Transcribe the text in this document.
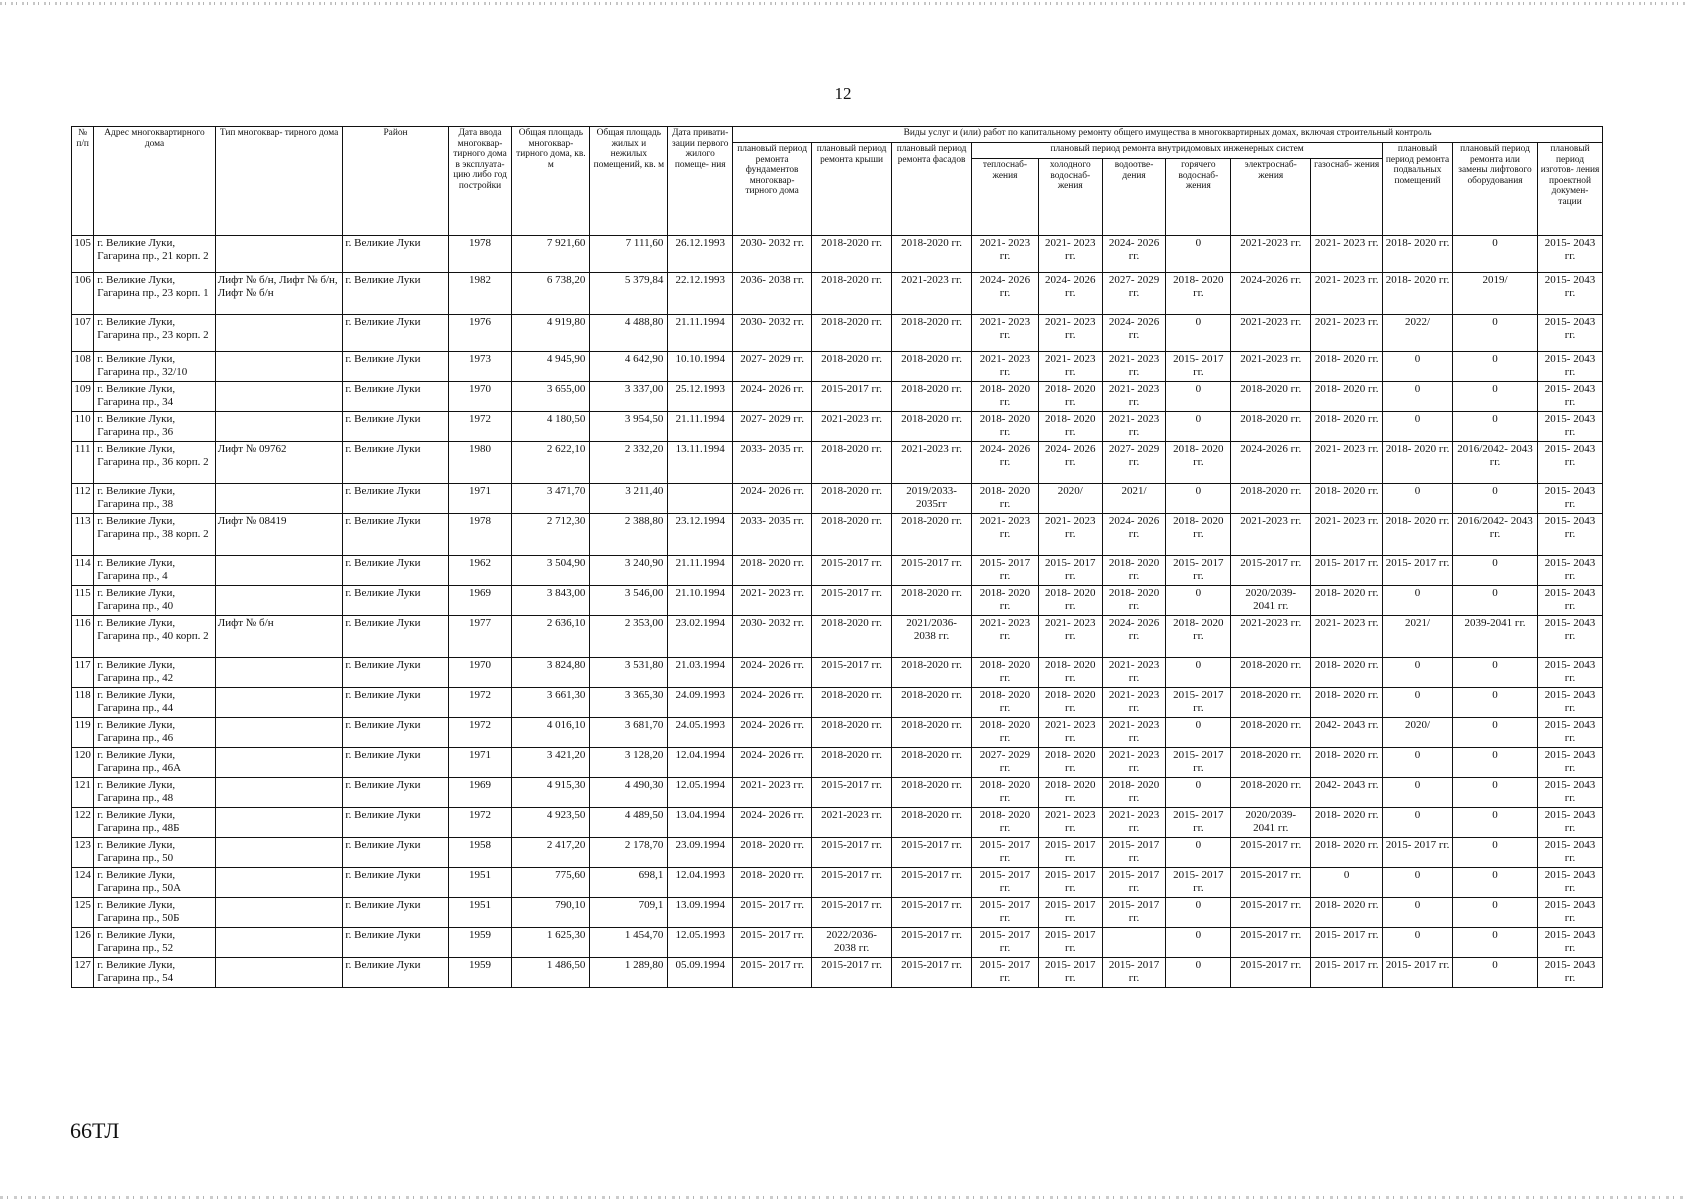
12
№ п/п	Адрес многоквартирного дома	Тип многоквар- тирного дома	Район	Дата ввода многоквар- тирного дома в эксплуата- цию либо год постройки	Общая площадь многоквар- тирного дома, кв. м	Общая площадь жилых и нежилых помещений, кв. м	Дата привати- зации первого жилого помеще- ния	Виды услуг и (или) работ по капитальному ремонту общего имущества в многоквартирных домах, включая строительный контроль											
								плановый период ремонта фундаментов многоквар- тирного дома	плановый период ремонта крыши	плановый период ремонта фасадов	плановый период ремонта внутридомовых инженерных систем						плановый период ремонта подвальных помещений	плановый период ремонта или замены лифтового оборудования	плановый период изготов- ления проектной докумен- тации
											теплоснаб- жения	холодного водоснаб- жения	водоотве- дения	горячего водоснаб- жения	электроснаб- жения	газоснаб- жения			
105	г. Великие Луки, Гагарина пр., 21 корп. 2		г. Великие Луки	1978	7 921,60	7 111,60	26.12.1993	2030- 2032 гг.	2018-2020 гг.	2018-2020 гг.	2021- 2023 гг.	2021- 2023 гг.	2024- 2026 гг.	0	2021-2023 гг.	2021- 2023 гг.	2018- 2020 гг.	0	2015- 2043 гг.
106	г. Великие Луки, Гагарина пр., 23 корп. 1	Лифт № б/н, Лифт № б/н, Лифт № б/н	г. Великие Луки	1982	6 738,20	5 379,84	22.12.1993	2036- 2038 гг.	2018-2020 гг.	2021-2023 гг.	2024- 2026 гг.	2024- 2026 гг.	2027- 2029 гг.	2018- 2020 гг.	2024-2026 гг.	2021- 2023 гг.	2018- 2020 гг.	2019/	2015- 2043 гг.
107	г. Великие Луки, Гагарина пр., 23 корп. 2		г. Великие Луки	1976	4 919,80	4 488,80	21.11.1994	2030- 2032 гг.	2018-2020 гг.	2018-2020 гг.	2021- 2023 гг.	2021- 2023 гг.	2024- 2026 гг.	0	2021-2023 гг.	2021- 2023 гг.	2022/	0	2015- 2043 гг.
108	г. Великие Луки, Гагарина пр., 32/10		г. Великие Луки	1973	4 945,90	4 642,90	10.10.1994	2027- 2029 гг.	2018-2020 гг.	2018-2020 гг.	2021- 2023 гг.	2021- 2023 гг.	2021- 2023 гг.	2015- 2017 гг.	2021-2023 гг.	2018- 2020 гг.	0	0	2015- 2043 гг.
109	г. Великие Луки, Гагарина пр., 34		г. Великие Луки	1970	3 655,00	3 337,00	25.12.1993	2024- 2026 гг.	2015-2017 гг.	2018-2020 гг.	2018- 2020 гг.	2018- 2020 гг.	2021- 2023 гг.	0	2018-2020 гг.	2018- 2020 гг.	0	0	2015- 2043 гг.
110	г. Великие Луки, Гагарина пр., 36		г. Великие Луки	1972	4 180,50	3 954,50	21.11.1994	2027- 2029 гг.	2021-2023 гг.	2018-2020 гг.	2018- 2020 гг.	2018- 2020 гг.	2021- 2023 гг.	0	2018-2020 гг.	2018- 2020 гг.	0	0	2015- 2043 гг.
111	г. Великие Луки, Гагарина пр., 36 корп. 2	Лифт № 09762	г. Великие Луки	1980	2 622,10	2 332,20	13.11.1994	2033- 2035 гг.	2018-2020 гг.	2021-2023 гг.	2024- 2026 гг.	2024- 2026 гг.	2027- 2029 гг.	2018- 2020 гг.	2024-2026 гг.	2021- 2023 гг.	2018- 2020 гг.	2016/2042- 2043 гг.	2015- 2043 гг.
112	г. Великие Луки, Гагарина пр., 38		г. Великие Луки	1971	3 471,70	3 211,40		2024- 2026 гг.	2018-2020 гг.	2019/2033- 2035гг	2018- 2020 гг.	2020/	2021/	0	2018-2020 гг.	2018- 2020 гг.	0	0	2015- 2043 гг.
113	г. Великие Луки, Гагарина пр., 38 корп. 2	Лифт № 08419	г. Великие Луки	1978	2 712,30	2 388,80	23.12.1994	2033- 2035 гг.	2018-2020 гг.	2018-2020 гг.	2021- 2023 гг.	2021- 2023 гг.	2024- 2026 гг.	2018- 2020 гг.	2021-2023 гг.	2021- 2023 гг.	2018- 2020 гг.	2016/2042- 2043 гг.	2015- 2043 гг.
114	г. Великие Луки, Гагарина пр., 4		г. Великие Луки	1962	3 504,90	3 240,90	21.11.1994	2018- 2020 гг.	2015-2017 гг.	2015-2017 гг.	2015- 2017 гг.	2015- 2017 гг.	2018- 2020 гг.	2015- 2017 гг.	2015-2017 гг.	2015- 2017 гг.	2015- 2017 гг.	0	2015- 2043 гг.
115	г. Великие Луки, Гагарина пр., 40		г. Великие Луки	1969	3 843,00	3 546,00	21.10.1994	2021- 2023 гг.	2015-2017 гг.	2018-2020 гг.	2018- 2020 гг.	2018- 2020 гг.	2018- 2020 гг.	0	2020/2039- 2041 гг.	2018- 2020 гг.	0	0	2015- 2043 гг.
116	г. Великие Луки, Гагарина пр., 40 корп. 2	Лифт № б/н	г. Великие Луки	1977	2 636,10	2 353,00	23.02.1994	2030- 2032 гг.	2018-2020 гг.	2021/2036- 2038 гг.	2021- 2023 гг.	2021- 2023 гг.	2024- 2026 гг.	2018- 2020 гг.	2021-2023 гг.	2021- 2023 гг.	2021/	2039-2041 гг.	2015- 2043 гг.
117	г. Великие Луки, Гагарина пр., 42		г. Великие Луки	1970	3 824,80	3 531,80	21.03.1994	2024- 2026 гг.	2015-2017 гг.	2018-2020 гг.	2018- 2020 гг.	2018- 2020 гг.	2021- 2023 гг.	0	2018-2020 гг.	2018- 2020 гг.	0	0	2015- 2043 гг.
118	г. Великие Луки, Гагарина пр., 44		г. Великие Луки	1972	3 661,30	3 365,30	24.09.1993	2024- 2026 гг.	2018-2020 гг.	2018-2020 гг.	2018- 2020 гг.	2018- 2020 гг.	2021- 2023 гг.	2015- 2017 гг.	2018-2020 гг.	2018- 2020 гг.	0	0	2015- 2043 гг.
119	г. Великие Луки, Гагарина пр., 46		г. Великие Луки	1972	4 016,10	3 681,70	24.05.1993	2024- 2026 гг.	2018-2020 гг.	2018-2020 гг.	2018- 2020 гг.	2021- 2023 гг.	2021- 2023 гг.	0	2018-2020 гг.	2042- 2043 гг.	2020/	0	2015- 2043 гг.
120	г. Великие Луки, Гагарина пр., 46А		г. Великие Луки	1971	3 421,20	3 128,20	12.04.1994	2024- 2026 гг.	2018-2020 гг.	2018-2020 гг.	2027- 2029 гг.	2018- 2020 гг.	2021- 2023 гг.	2015- 2017 гг.	2018-2020 гг.	2018- 2020 гг.	0	0	2015- 2043 гг.
121	г. Великие Луки, Гагарина пр., 48		г. Великие Луки	1969	4 915,30	4 490,30	12.05.1994	2021- 2023 гг.	2015-2017 гг.	2018-2020 гг.	2018- 2020 гг.	2018- 2020 гг.	2018- 2020 гг.	0	2018-2020 гг.	2042- 2043 гг.	0	0	2015- 2043 гг.
122	г. Великие Луки, Гагарина пр., 48Б		г. Великие Луки	1972	4 923,50	4 489,50	13.04.1994	2024- 2026 гг.	2021-2023 гг.	2018-2020 гг.	2018- 2020 гг.	2021- 2023 гг.	2021- 2023 гг.	2015- 2017 гг.	2020/2039- 2041 гг.	2018- 2020 гг.	0	0	2015- 2043 гг.
123	г. Великие Луки, Гагарина пр., 50		г. Великие Луки	1958	2 417,20	2 178,70	23.09.1994	2018- 2020 гг.	2015-2017 гг.	2015-2017 гг.	2015- 2017 гг.	2015- 2017 гг.	2015- 2017 гг.	0	2015-2017 гг.	2018- 2020 гг.	2015- 2017 гг.	0	2015- 2043 гг.
124	г. Великие Луки, Гагарина пр., 50А		г. Великие Луки	1951	775,60	698,1	12.04.1993	2018- 2020 гг.	2015-2017 гг.	2015-2017 гг.	2015- 2017 гг.	2015- 2017 гг.	2015- 2017 гг.	2015- 2017 гг.	2015-2017 гг.	0	0	0	2015- 2043 гг.
125	г. Великие Луки, Гагарина пр., 50Б		г. Великие Луки	1951	790,10	709,1	13.09.1994	2015- 2017 гг.	2015-2017 гг.	2015-2017 гг.	2015- 2017 гг.	2015- 2017 гг.	2015- 2017 гг.	0	2015-2017 гг.	2018- 2020 гг.	0	0	2015- 2043 гг.
126	г. Великие Луки, Гагарина пр., 52		г. Великие Луки	1959	1 625,30	1 454,70	12.05.1993	2015- 2017 гг.	2022/2036- 2038 гг.	2015-2017 гг.	2015- 2017 гг.	2015- 2017 гг.		0	2015-2017 гг.	2015- 2017 гг.	0	0	2015- 2043 гг.
127	г. Великие Луки, Гагарина пр., 54		г. Великие Луки	1959	1 486,50	1 289,80	05.09.1994	2015- 2017 гг.	2015-2017 гг.	2015-2017 гг.	2015- 2017 гг.	2015- 2017 гг.	2015- 2017 гг.	0	2015-2017 гг.	2015- 2017 гг.	2015- 2017 гг.	0	2015- 2043 гг.
66ТЛ
